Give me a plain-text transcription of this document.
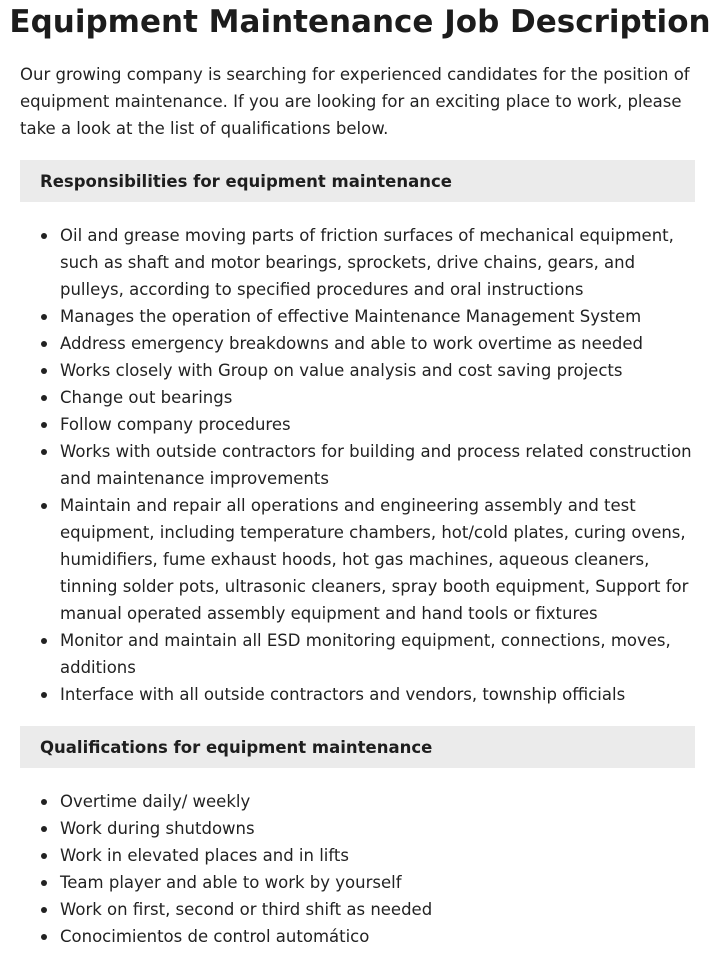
Equipment Maintenance Job Description

Our growing company is searching for experienced candidates for the position of equipment maintenance. If you are looking for an exciting place to work, please take a look at the list of qualifications below.

Responsibilities for equipment maintenance
Oil and grease moving parts of friction surfaces of mechanical equipment, such as shaft and motor bearings, sprockets, drive chains, gears, and pulleys, according to specified procedures and oral instructions
Manages the operation of effective Maintenance Management System
Address emergency breakdowns and able to work overtime as needed
Works closely with Group on value analysis and cost saving projects
Change out bearings
Follow company procedures
Works with outside contractors for building and process related construction and maintenance improvements
Maintain and repair all operations and engineering assembly and test equipment, including temperature chambers, hot/cold plates, curing ovens, humidifiers, fume exhaust hoods, hot gas machines, aqueous cleaners, tinning solder pots, ultrasonic cleaners, spray booth equipment, Support for manual operated assembly equipment and hand tools or fixtures
Monitor and maintain all ESD monitoring equipment, connections, moves, additions
Interface with all outside contractors and vendors, township officials
Qualifications for equipment maintenance
Overtime daily/ weekly
Work during shutdowns
Work in elevated places and in lifts
Team player and able to work by yourself
Work on first, second or third shift as needed
Conocimientos de control automático
